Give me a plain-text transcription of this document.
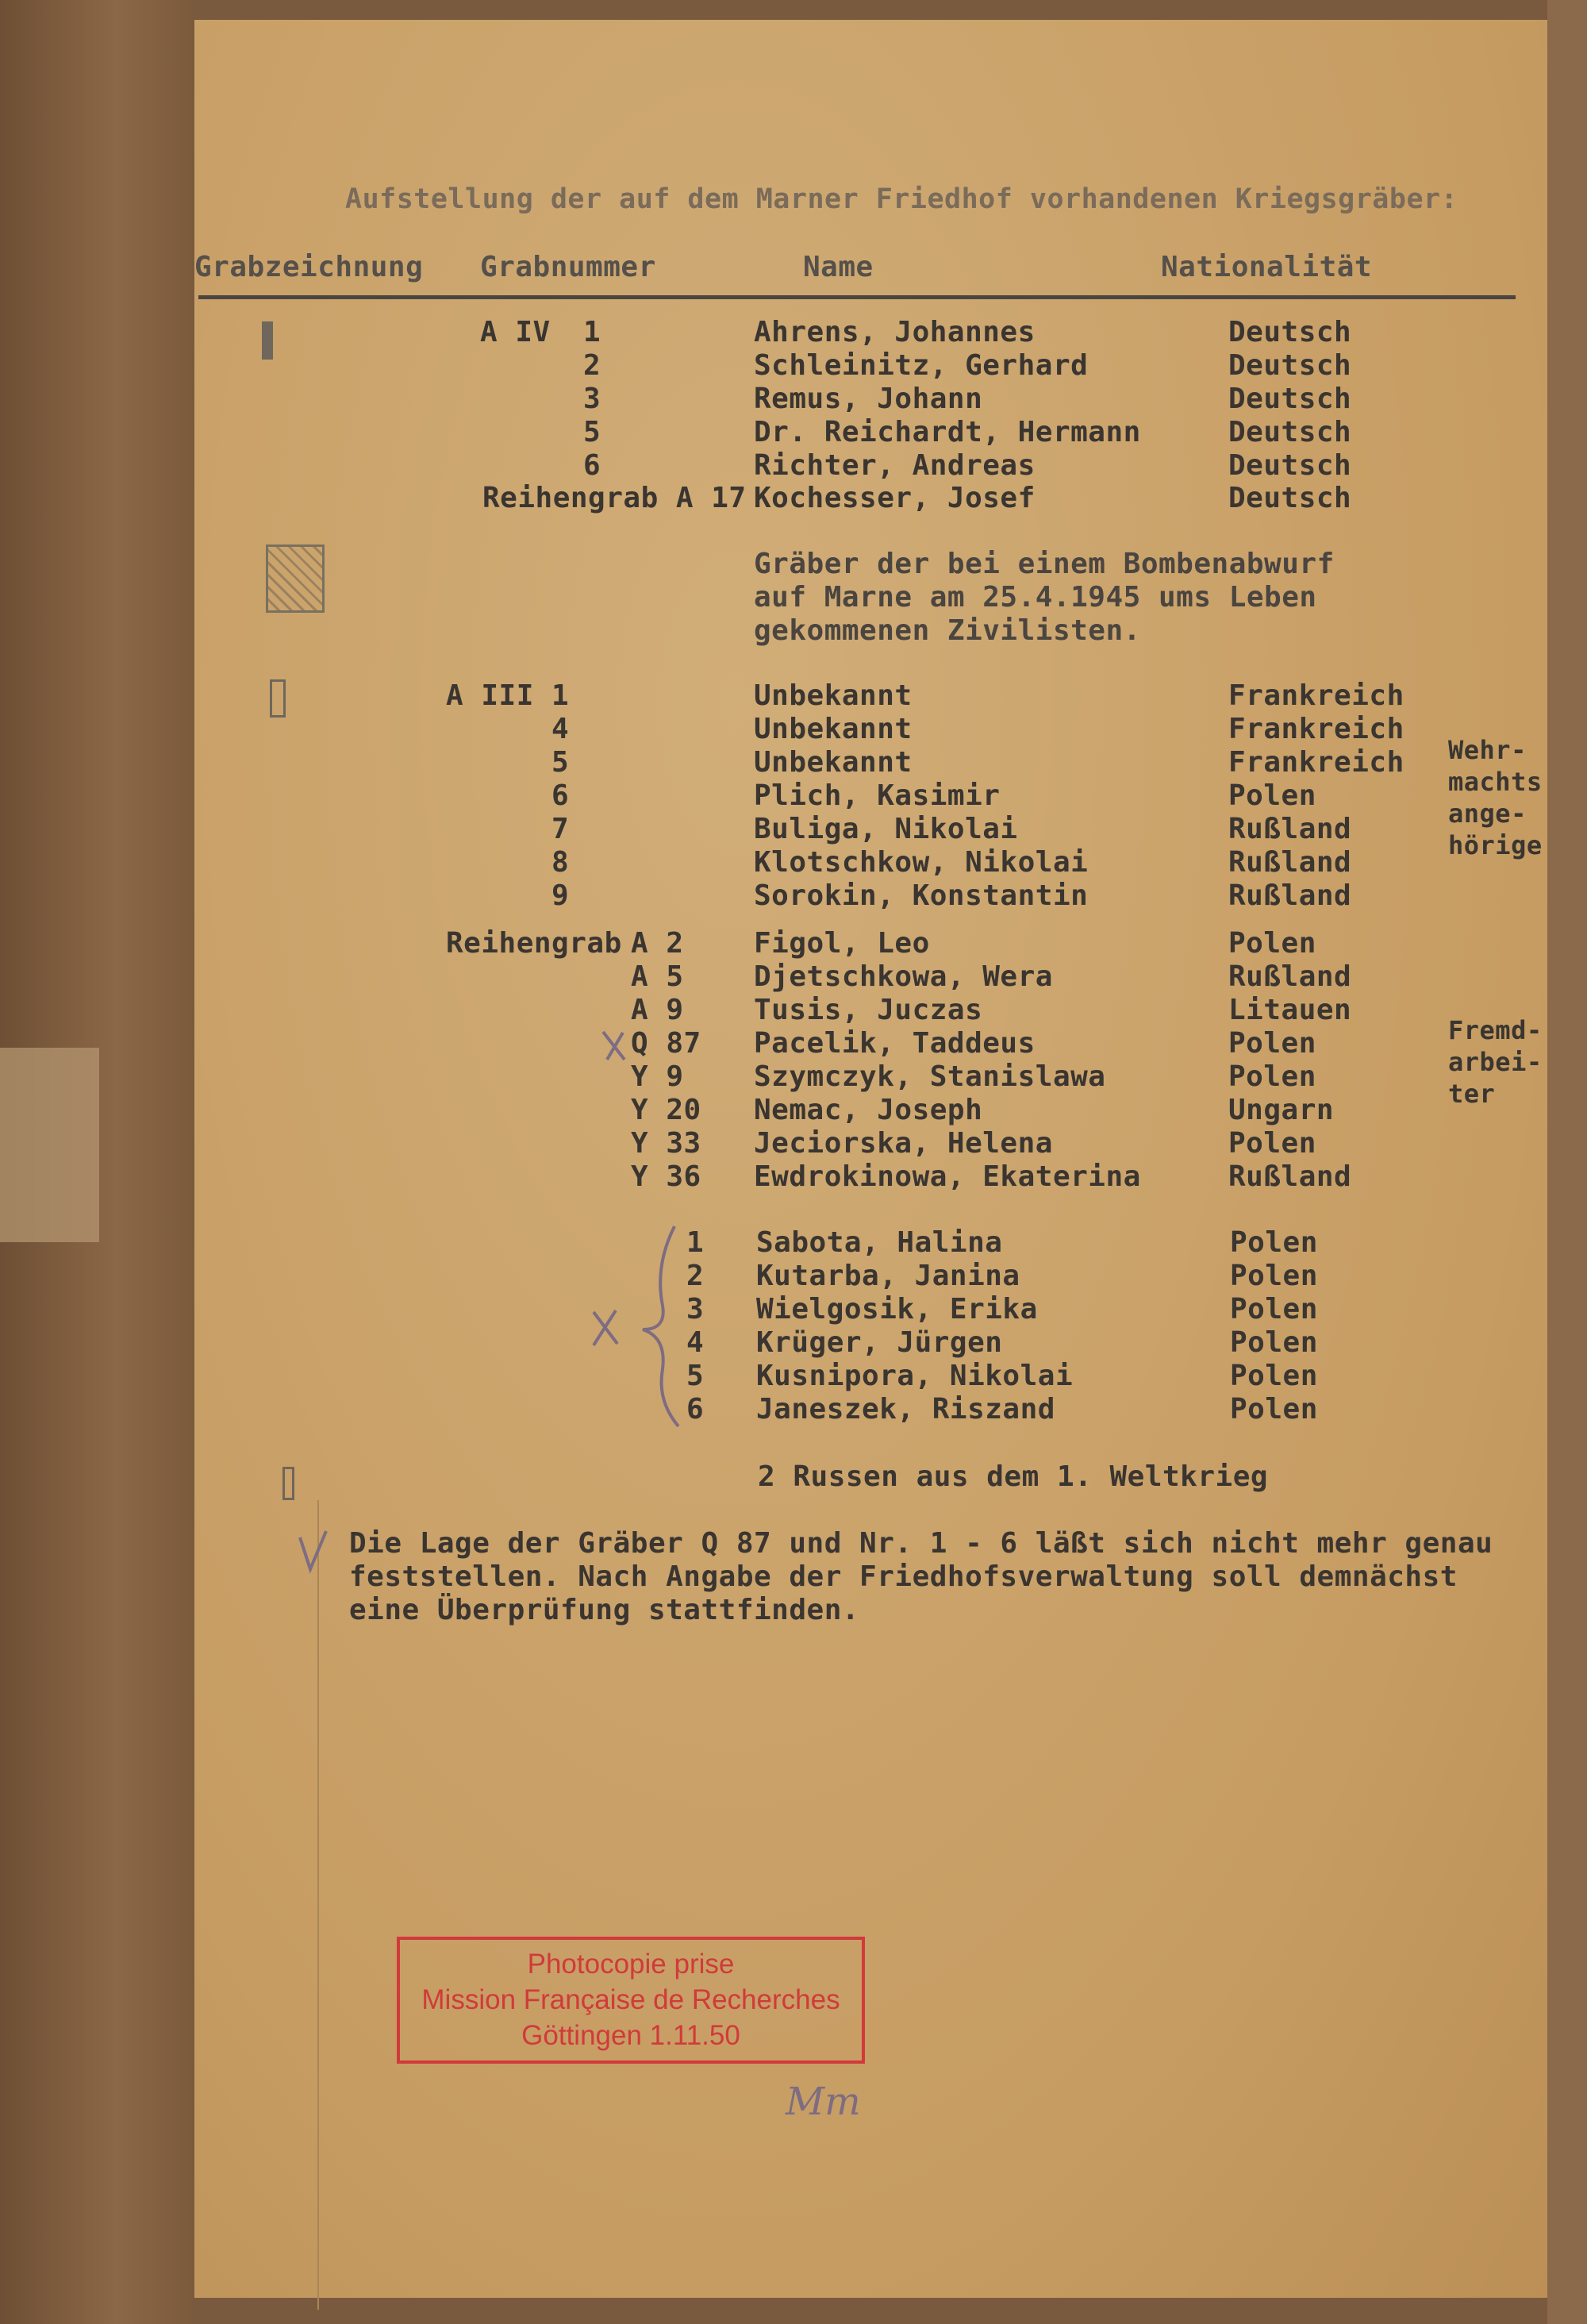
Aufstellung der auf dem Marner Friedhof vorhandenen Kriegsgräber:
Grabzeichnung Grabnummer	Name	Nationalität
A IV 1	Ahrens, Johannes	Deutsch
2	Schleinitz, Gerhard	Deutsch
3	Remus, Johann	Deutsch
5	Dr. Reichardt, Hermann	Deutsch
6	Richter, Andreas	Deutsch
Reihengrab A 17 Kochesser, Josef	Deutsch
Gräber der bei einem Bombenabwurf
auf Marne am 25.4.1945 ums Leben
gekommenen Zivilisten.
A III 1	Unbekannt	Frankreich
4	Unbekannt	Frankreich
5	Unbekannt	Frankreich
6	Plich, Kasimir	Polen
7	Buliga, Nikolai	Rußland
8	Klotschkow, Nikolai	Rußland
9	Sorokin, Konstantin	Rußland
Wehr-
machts
ange-
hörige
Reihengrab A 2 Figol, Leo	Polen
A 5 Djetschkowa, Wera	Rußland
A 9 Tusis, Juczas	Litauen
Q 87 Pacelik, Taddeus	Polen
Y 9 Szymczyk, Stanislawa	Polen
Y 20 Nemac, Joseph	Ungarn
Y 33 Jeciorska, Helena	Polen
Y 36 Ewdrokinowa, Ekaterina	Rußland
Fremd-
arbei-
ter
1 Sabota, Halina	Polen
2 Kutarba, Janina	Polen
3 Wielgosik, Erika	Polen
4 Krüger, Jürgen	Polen
5 Kusnipora, Nikolai	Polen
6 Janeszek, Riszand	Polen
2 Russen aus dem 1. Weltkrieg
Die Lage der Gräber Q 87 und Nr. 1 - 6 läßt sich nicht mehr genau
feststellen. Nach Angabe der Friedhofsverwaltung soll demnächst
eine Überprüfung stattfinden.
Photocopie prise
Mission Française de Recherches
Göttingen 1.11.50
Mm
